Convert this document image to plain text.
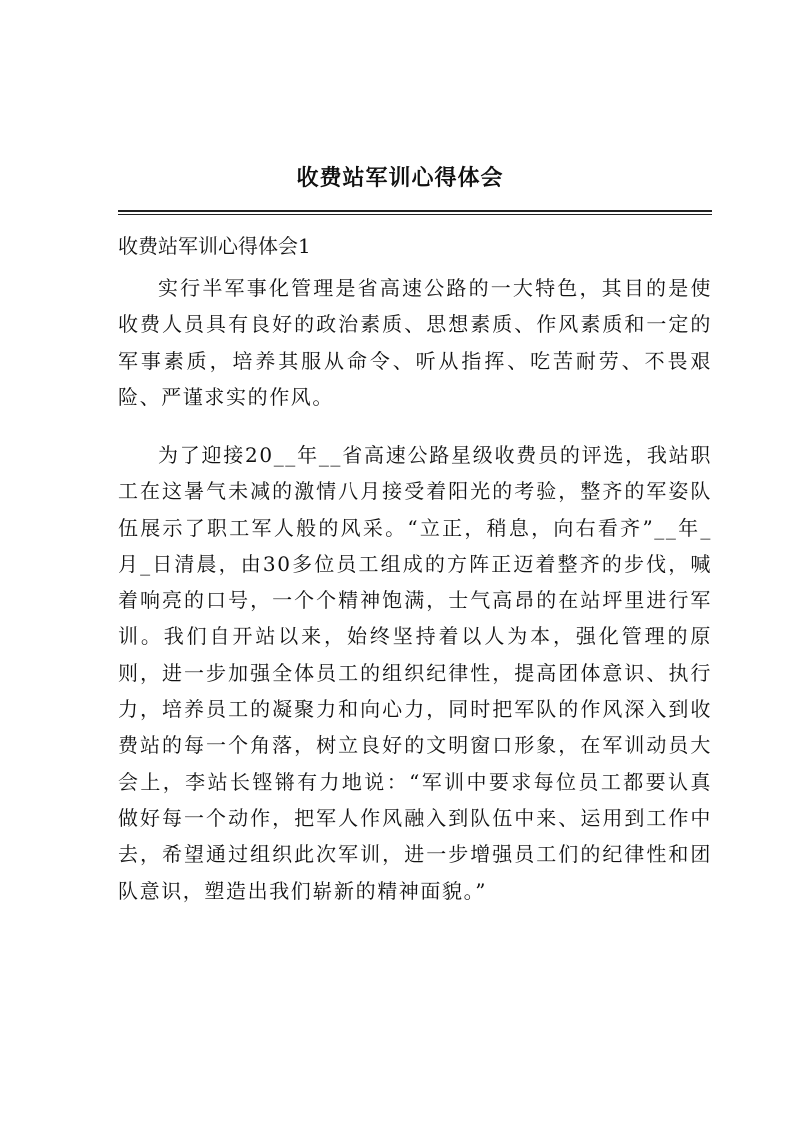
收费站军训心得体会
收费站军训心得体会1

实行半军事化管理是省高速公路的一大特色，其目的是使收费人员具有良好的政治素质、思想素质、作风素质和一定的军事素质，培养其服从命令、听从指挥、吃苦耐劳、不畏艰险、严谨求实的作风。

为了迎接20__年__省高速公路星级收费员的评选，我站职工在这暑气未减的激情八月接受着阳光的考验，整齐的军姿队伍展示了职工军人般的风采。“立正，稍息，向右看齐”__年_月_日清晨，由30多位员工组成的方阵正迈着整齐的步伐，喊着响亮的口号，一个个精神饱满，士气高昂的在站坪里进行军训。我们自开站以来，始终坚持着以人为本，强化管理的原则，进一步加强全体员工的组织纪律性，提高团体意识、执行力，培养员工的凝聚力和向心力，同时把军队的作风深入到收费站的每一个角落，树立良好的文明窗口形象，在军训动员大会上，李站长铿锵有力地说：“军训中要求每位员工都要认真做好每一个动作，把军人作风融入到队伍中来、运用到工作中去，希望通过组织此次军训，进一步增强员工们的纪律性和团队意识，塑造出我们崭新的精神面貌。”
